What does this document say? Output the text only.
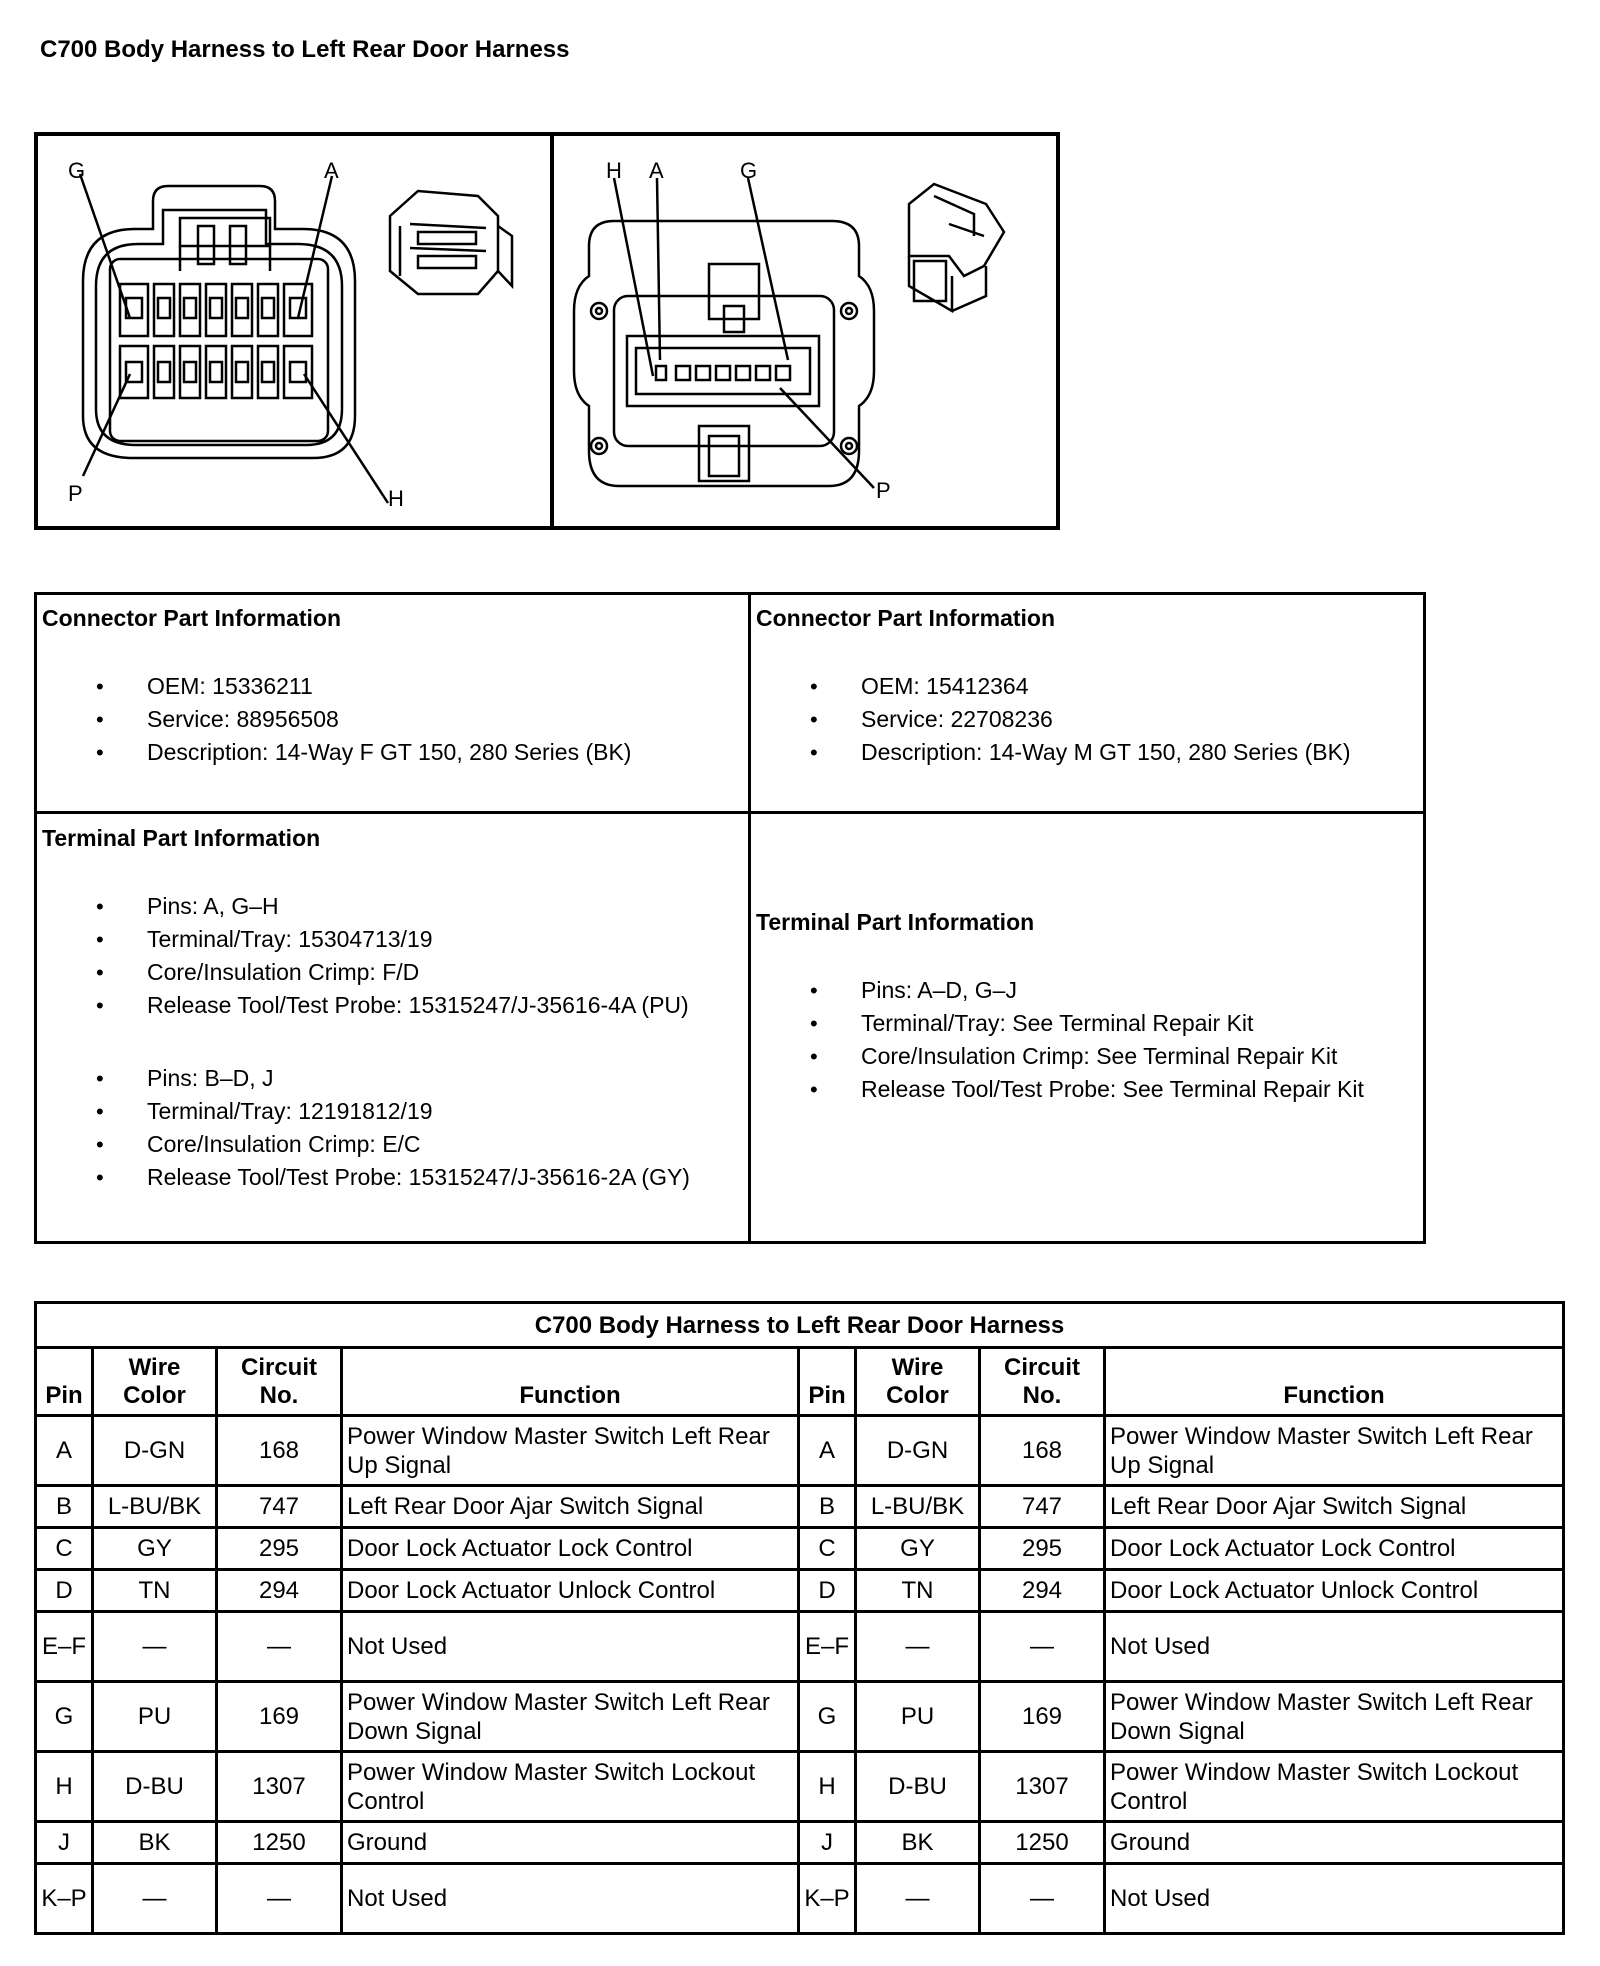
C700 Body Harness to Left Rear Door Harness
G	A
P	H
H A	G
P
Connector Part Information
• OEM: 15336211
• Service: 88956508
• Description: 14-Way F GT 150, 280 Series (BK)
Connector Part Information
• OEM: 15412364
• Service: 22708236
• Description: 14-Way M GT 150, 280 Series (BK)
Terminal Part Information
• Pins: A, G–H
• Terminal/Tray: 15304713/19
• Core/Insulation Crimp: F/D
• Release Tool/Test Probe: 15315247/J-35616-4A (PU)
• Pins: B–D, J
• Terminal/Tray: 12191812/19
• Core/Insulation Crimp: E/C
• Release Tool/Test Probe: 15315247/J-35616-2A (GY)
Terminal Part Information
• Pins: A–D, G–J
• Terminal/Tray: See Terminal Repair Kit
• Core/Insulation Crimp: See Terminal Repair Kit
• Release Tool/Test Probe: See Terminal Repair Kit
C700 Body Harness to Left Rear Door Harness							
Pin	Wire Color	Circuit No.	Function	Pin	Wire Color	Circuit No.	Function
A	D-GN	168	Power Window Master Switch Left Rear Up Signal	A	D-GN	168	Power Window Master Switch Left Rear Up Signal
B	L-BU/BK	747	Left Rear Door Ajar Switch Signal	B	L-BU/BK	747	Left Rear Door Ajar Switch Signal
C	GY	295	Door Lock Actuator Lock Control	C	GY	295	Door Lock Actuator Lock Control
D	TN	294	Door Lock Actuator Unlock Control	D	TN	294	Door Lock Actuator Unlock Control
E–F	—	—	Not Used	E–F	—	—	Not Used
G	PU	169	Power Window Master Switch Left Rear Down Signal	G	PU	169	Power Window Master Switch Left Rear Down Signal
H	D-BU	1307	Power Window Master Switch Lockout Control	H	D-BU	1307	Power Window Master Switch Lockout Control
J	BK	1250	Ground	J	BK	1250	Ground
K–P	—	—	Not Used	K–P	—	—	Not Used
